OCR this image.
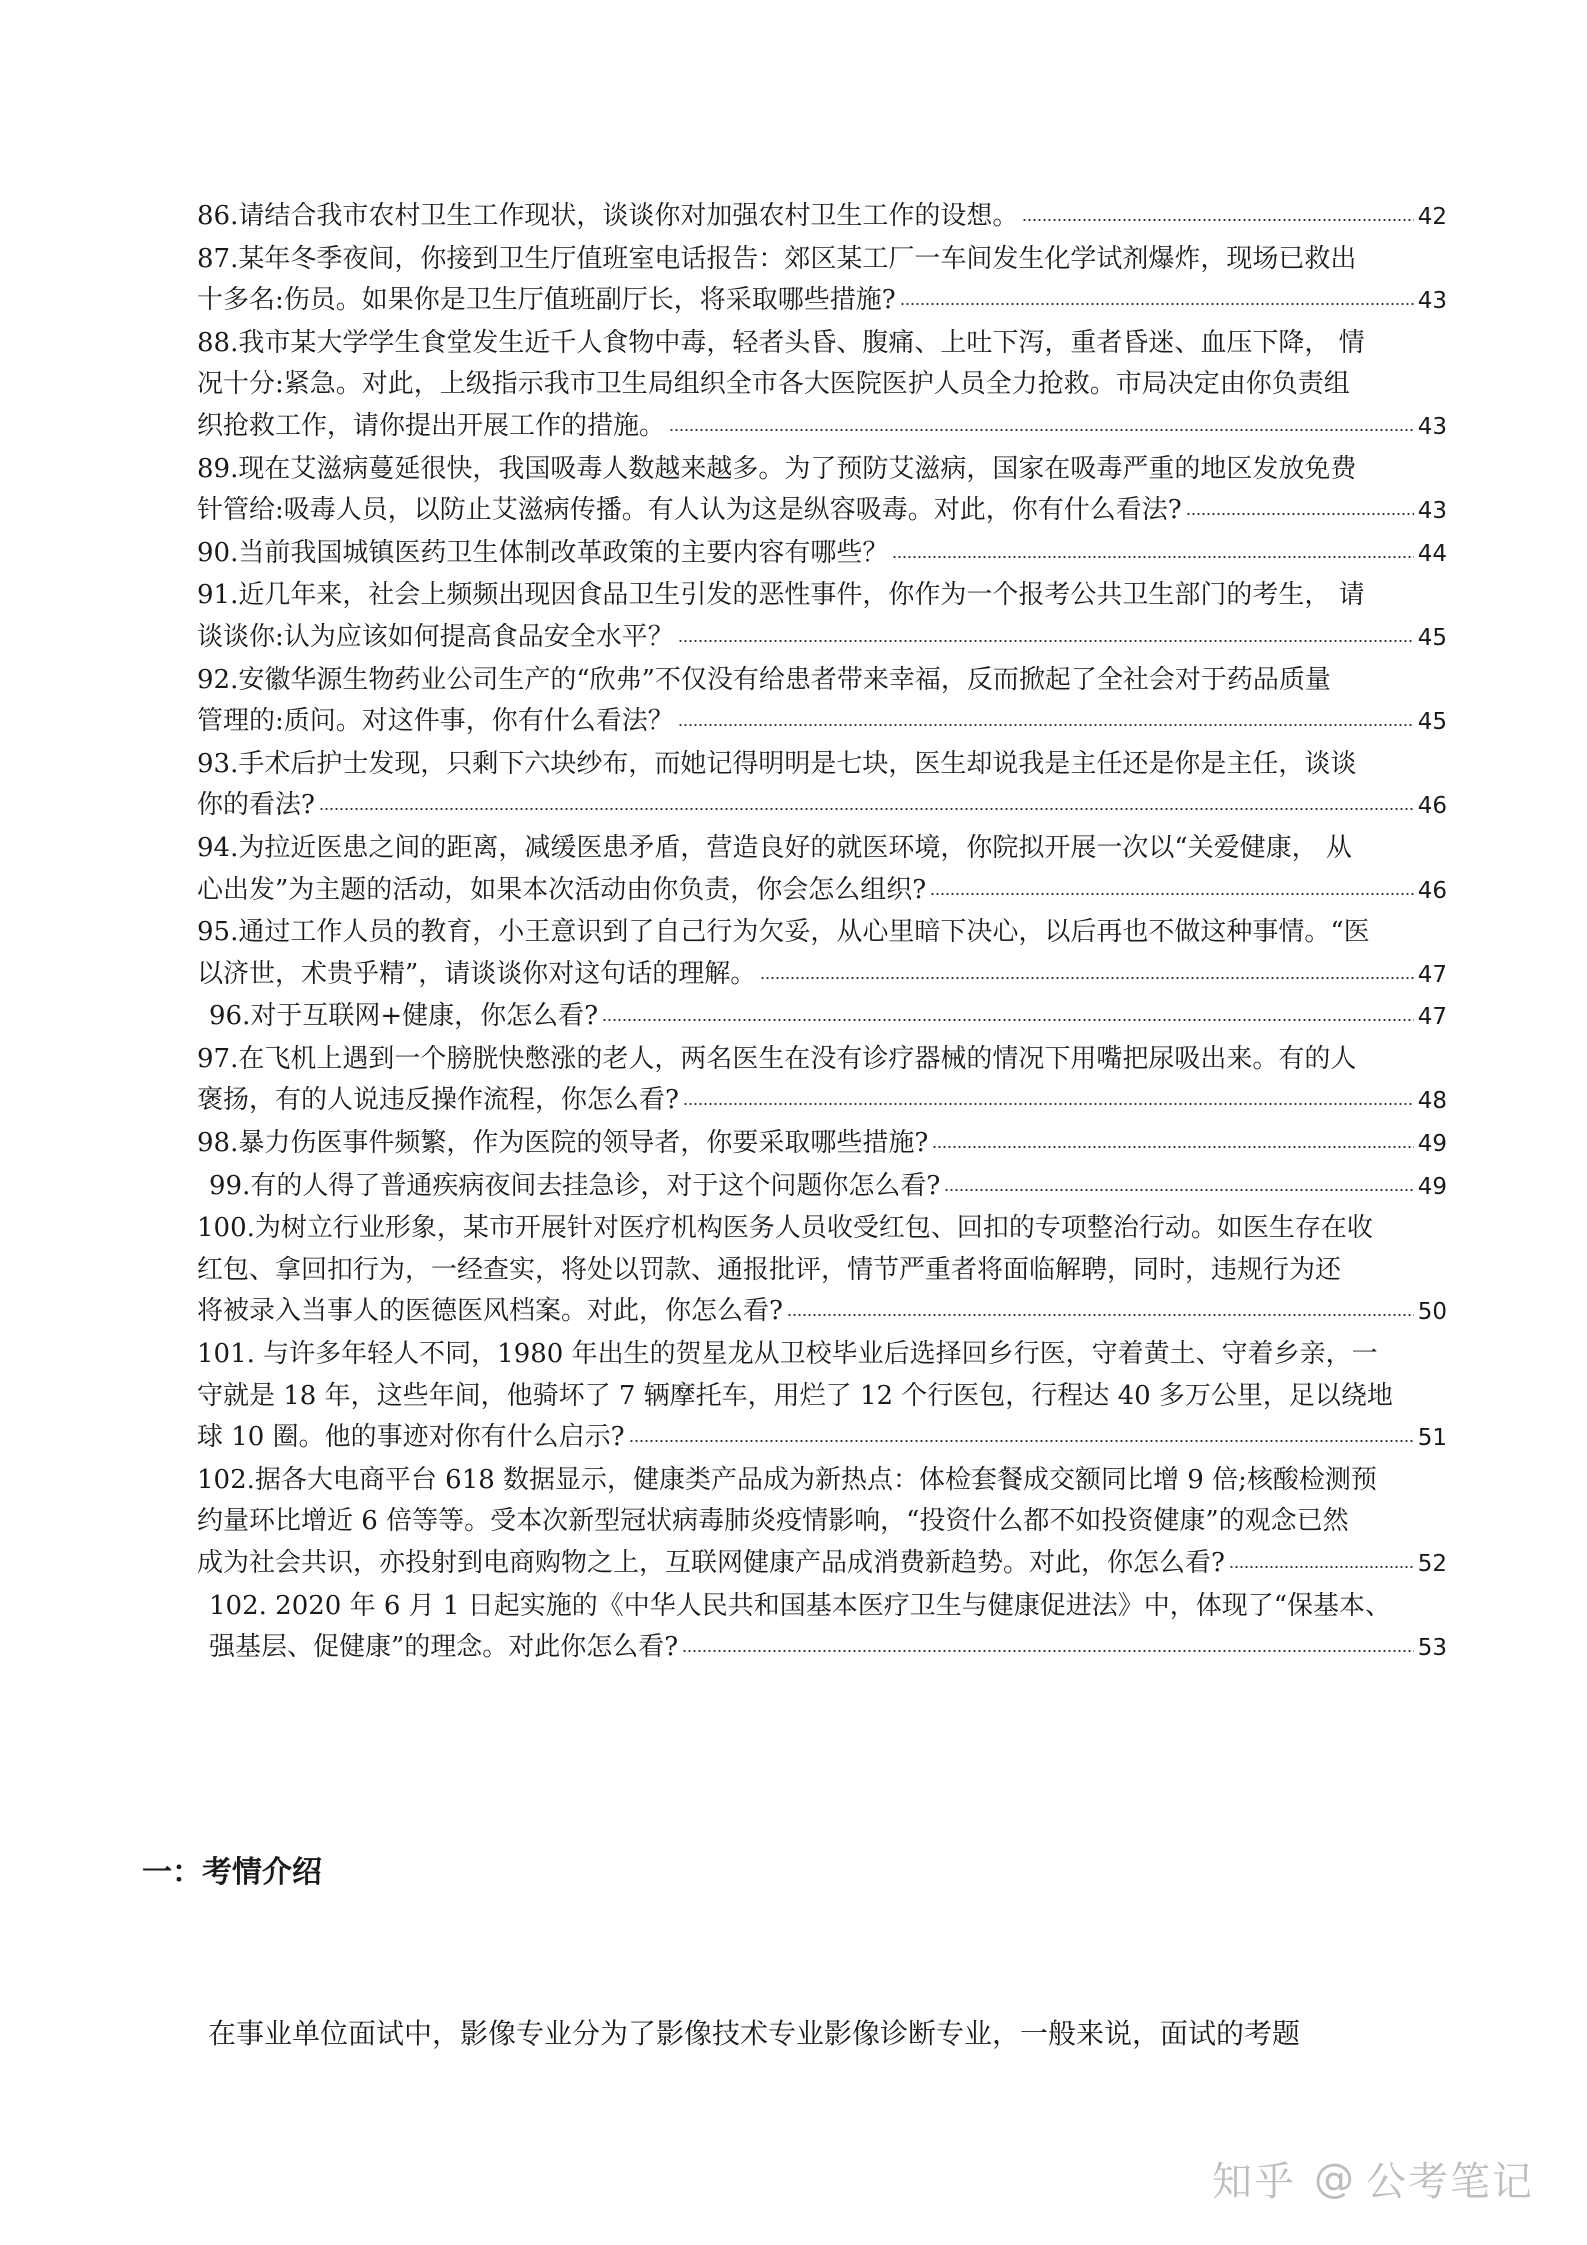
86.请结合我市农村卫生工作现状，谈谈你对加强农村卫生工作的设想。	42
87.某年冬季夜间，你接到卫生厅值班室电话报告：郊区某工厂一车间发生化学试剂爆炸，现场已救出
十多名:伤员。如果你是卫生厅值班副厅长，将采取哪些措施?	43
88.我市某大学学生食堂发生近千人食物中毒，轻者头昏、腹痛、上吐下泻，重者昏迷、血压下降， 情
况十分:紧急。对此，上级指示我市卫生局组织全市各大医院医护人员全力抢救。市局决定由你负责组
织抢救工作，请你提出开展工作的措施。	43
89.现在艾滋病蔓延很快，我国吸毒人数越来越多。为了预防艾滋病，国家在吸毒严重的地区发放免费
针管给:吸毒人员，以防止艾滋病传播。有人认为这是纵容吸毒。对此，你有什么看法?	43
90.当前我国城镇医药卫生体制改革政策的主要内容有哪些？	44
91.近几年来，社会上频频出现因食品卫生引发的恶性事件，你作为一个报考公共卫生部门的考生， 请
谈谈你:认为应该如何提高食品安全水平？	45
92.安徽华源生物药业公司生产的“欣弗”不仅没有给患者带来幸福，反而掀起了全社会对于药品质量
管理的:质问。对这件事，你有什么看法？	45
93.手术后护士发现，只剩下六块纱布，而她记得明明是七块，医生却说我是主任还是你是主任，谈谈
你的看法?	46
94.为拉近医患之间的距离，减缓医患矛盾，营造良好的就医环境，你院拟开展一次以“关爱健康， 从
心出发”为主题的活动，如果本次活动由你负责，你会怎么组织?	46
95.通过工作人员的教育，小王意识到了自己行为欠妥，从心里暗下决心，以后再也不做这种事情。“医
以济世，术贵乎精”，请谈谈你对这句话的理解。	47
96.对于互联网+健康，你怎么看?	47
97.在飞机上遇到一个膀胱快憋涨的老人，两名医生在没有诊疗器械的情况下用嘴把尿吸出来。有的人
褒扬，有的人说违反操作流程，你怎么看?	48
98.暴力伤医事件频繁，作为医院的领导者，你要采取哪些措施?	49
99.有的人得了普通疾病夜间去挂急诊，对于这个问题你怎么看?	49
100.为树立行业形象，某市开展针对医疗机构医务人员收受红包、回扣的专项整治行动。如医生存在收
红包、拿回扣行为，一经查实，将处以罚款、通报批评，情节严重者将面临解聘，同时，违规行为还
将被录入当事人的医德医风档案。对此，你怎么看?	50
101. 与许多年轻人不同，1980 年出生的贺星龙从卫校毕业后选择回乡行医，守着黄土、守着乡亲，一
守就是 18 年，这些年间，他骑坏了 7 辆摩托车，用烂了 12 个行医包，行程达 40 多万公里，足以绕地
球 10 圈。他的事迹对你有什么启示?	51
102.据各大电商平台 618 数据显示，健康类产品成为新热点：体检套餐成交额同比增 9 倍;核酸检测预
约量环比增近 6 倍等等。受本次新型冠状病毒肺炎疫情影响，“投资什么都不如投资健康”的观念已然
成为社会共识，亦投射到电商购物之上，互联网健康产品成消费新趋势。对此，你怎么看?	52
102. 2020 年 6 月 1 日起实施的《中华人民共和国基本医疗卫生与健康促进法》中，体现了“保基本、
强基层、促健康”的理念。对此你怎么看?	53
一：考情介绍

在事业单位面试中，影像专业分为了影像技术专业影像诊断专业，一般来说，面试的考题

知乎 @ 公考笔记
